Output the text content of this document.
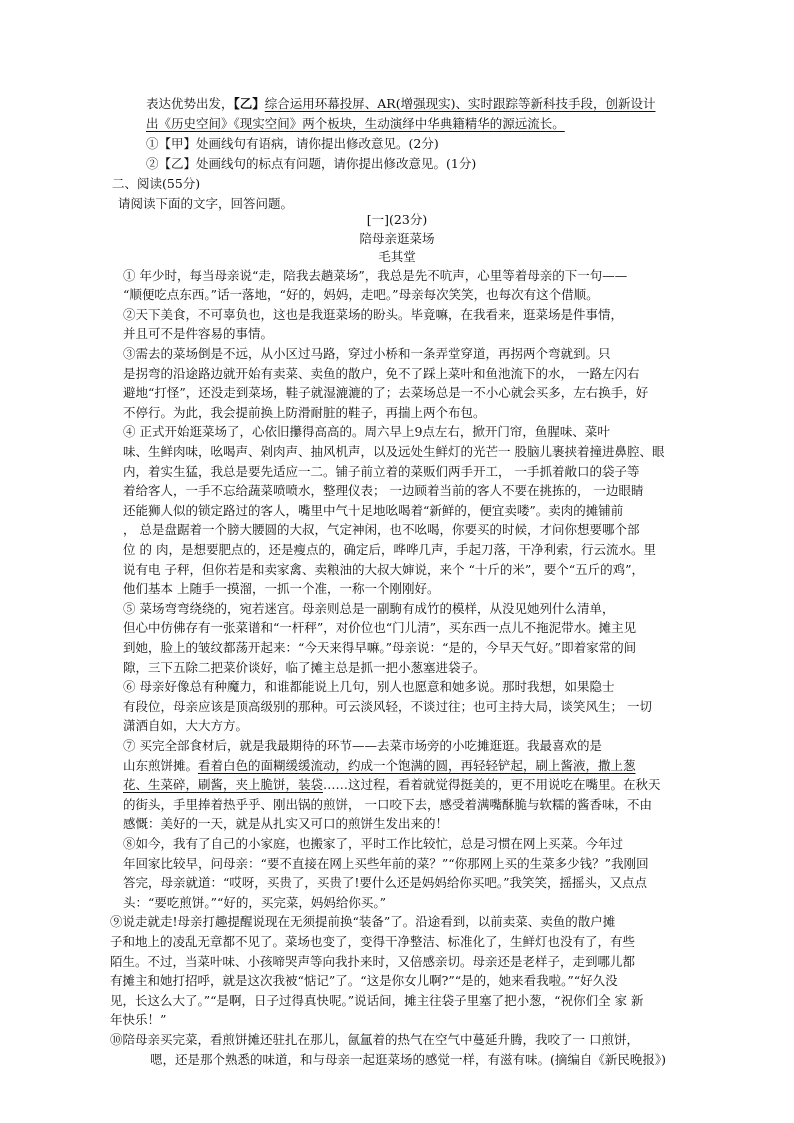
表达优势出发，【乙】综合运用环幕投屏、AR(增强现实)、实时跟踪等新科技手段，创新设计
出《历史空间》《现实空间》两个板块，生动演绎中华典籍精华的源远流长。
①【甲】处画线句有语病，请你提出修改意见。(2分)
②【乙】处画线句的标点有问题，请你提出修改意见。(1分)
二、阅读(55分)
请阅读下面的文字，回答问题。
[一](23分)
陪母亲逛菜场
毛其堂
① 年少时，每当母亲说“走，陪我去趟菜场”，我总是先不吭声，心里等着母亲的下一句——
“顺便吃点东西。”话一落地，“好的，妈妈，走吧。”母亲每次笑笑，也每次有这个借顺。
②天下美食，不可辜负也，这也是我逛菜场的盼头。毕竟嘛，在我看来，逛菜场是件事情，
并且可不是件容易的事情。
③需去的菜场倒是不远，从小区过马路，穿过小桥和一条弄堂穿道，再拐两个弯就到。只
是拐弯的沿途路边就开始有卖菜、卖鱼的散户，免不了踩上菜叶和鱼池流下的水， 一路左闪右
避地“打怪”，还没走到菜场，鞋子就湿漉漉的了；去菜场总是一不小心就会买多，左右换手，好
不停行。为此，我会提前换上防滑耐脏的鞋子，再揣上两个布包。
④ 正式开始逛菜场了，心依旧攥得高高的。周六早上9点左右，掀开门帘，鱼腥味、菜叶
味、生鲜肉味，吆喝声、剁肉声、抽风机声，以及远处生鲜灯的光芒一 股脑儿裹挟着撞进鼻腔、眼
内，着实生猛，我总是要先适应一二。铺子前立着的菜贩们两手开工， 一手抓着敞口的袋子等
着给客人，一手不忘给蔬菜喷喷水，整理仪表； 一边顾着当前的客人不要在挑拣的， 一边眼睛
还能狮人似的锁定路过的客人，嘴里中气十足地吆喝着“新鲜的，便宜卖喽”。卖肉的摊铺前
， 总是盘踞着一个膀大腰圆的大叔，气定神闲，也不吆喝，你要买的时候，才问你想要哪个部
位 的 肉，是想要肥点的，还是瘦点的，确定后，哗哗几声，手起刀落，干净利索，行云流水。里
说有电 子秤，但你若是和卖家禽、卖粮油的大叔大婶说，来个 “十斤的米”，要个“五斤的鸡”，
他们基本 上随手一摸溜，一抓一个准，一称一个刚刚好。
⑤ 菜场弯弯绕绕的，宛若迷宫。母亲则总是一副駒有成竹的模样，从没见她列什么清单，
但心中仿佛存有一张菜谱和“一杆秤”，对价位也“门儿清”，买东西一点儿不拖泥带水。摊主见
到她，脸上的皱纹都荡开起来：“今天来得早嘛。”母亲说：“是的，今早天气好。”即着家常的间
隙，三下五除二把菜价谈好，临了摊主总是抓一把小葱塞进袋子。
⑥ 母亲好像总有种魔力，和谁都能说上几句，别人也愿意和她多说。那时我想，如果隐士
有段位，母亲应该是顶高级别的那种。可云淡风轻，不谈过往；也可主持大局，谈笑风生； 一切
潇洒自如，大大方方。
⑦ 买完全部食材后，就是我最期待的环节——去菜市场旁的小吃摊逛逛。我最喜欢的是
山东煎饼摊。看着白色的面糊缓缓流动，约成一个饱满的圆，再轻轻铲起，刷上酱液，撒上葱
花、生菜碎，刷酱，夹上脆饼，装袋……这过程，看着就觉得挺美的，更不用说吃在嘴里。在秋天
的街头，手里捧着热乎乎、刚出锅的煎饼， 一口咬下去，感受着满嘴酥脆与软糯的酱香味，不由
感慨：美好的一天，就是从扎实又可口的煎饼生发出来的！
⑧如今，我有了自己的小家庭，也搬家了，平时工作比较忙，总是习惯在网上买菜。今年过
年回家比较早，问母亲：“要不直接在网上买些年前的菜？”“你那网上买的生菜多少钱？”我刚回
答完，母亲就道：“哎呀，买贵了，买贵了!要什么还是妈妈给你买吧。”我笑笑，摇摇头，又点点
头：“要吃煎饼。”“好的，买完菜，妈妈给你买。”
⑨说走就走!母亲打趣提醒说现在无须提前换“装备”了。沿途看到，以前卖菜、卖鱼的散户摊
子和地上的凌乱无章都不见了。菜场也变了，变得干净整洁、标准化了，生鲜灯也没有了，有些
陌生。不过，当菜叶味、小孩啼哭声等向我扑来时，又倍感亲切。母亲还是老样子，走到哪儿都
有摊主和她打招呼，就是这次我被“惦记”了。“这是你女儿啊?”“是的，她来看我啦。”“好久没
见，长这么大了。”“是啊，日子过得真快呢。”说话间，摊主往袋子里塞了把小葱，“祝你们全 家 新
年快乐！”
⑩陪母亲买完菜，看煎饼摊还驻扎在那儿，氤氲着的热气在空气中蔓延升腾，我咬了一 口煎饼，
嗯，还是那个熟悉的味道，和与母亲一起逛菜场的感觉一样，有滋有味。(摘编自《新民晚报》)
